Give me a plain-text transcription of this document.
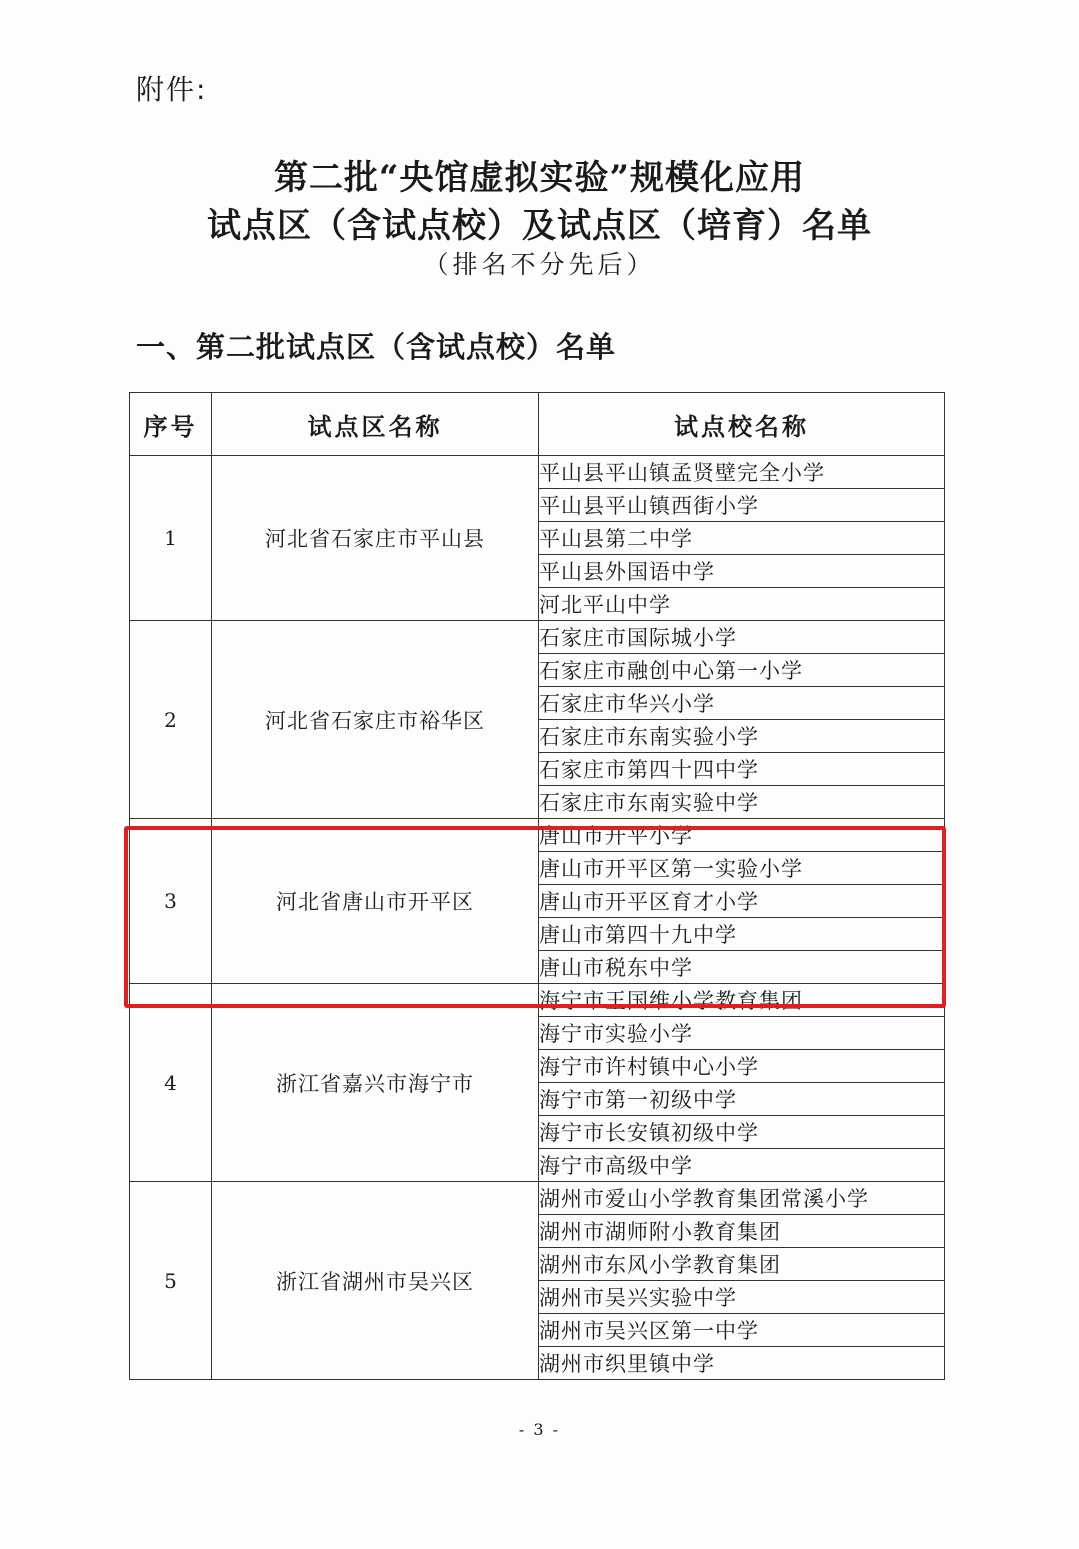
附件:
第二批“央馆虚拟实验”规模化应用
试点区（含试点校）及试点区（培育）名单
（排名不分先后）
一、第二批试点区（含试点校）名单
序号	试点区名称	试点校名称
1	河北省石家庄市平山县	平山县平山镇孟贤壁完全小学
		平山县平山镇西街小学
		平山县第二中学
		平山县外国语中学
		河北平山中学
2	河北省石家庄市裕华区	石家庄市国际城小学
		石家庄市融创中心第一小学
		石家庄市华兴小学
		石家庄市东南实验小学
		石家庄市第四十四中学
		石家庄市东南实验中学
3	河北省唐山市开平区	唐山市开平小学
		唐山市开平区第一实验小学
		唐山市开平区育才小学
		唐山市第四十九中学
		唐山市税东中学
4	浙江省嘉兴市海宁市	海宁市王国维小学教育集团
		海宁市实验小学
		海宁市许村镇中心小学
		海宁市第一初级中学
		海宁市长安镇初级中学
		海宁市高级中学
5	浙江省湖州市吴兴区	湖州市爱山小学教育集团常溪小学
		湖州市湖师附小教育集团
		湖州市东风小学教育集团
		湖州市吴兴实验中学
		湖州市吴兴区第一中学
		湖州市织里镇中学
- 3 -
